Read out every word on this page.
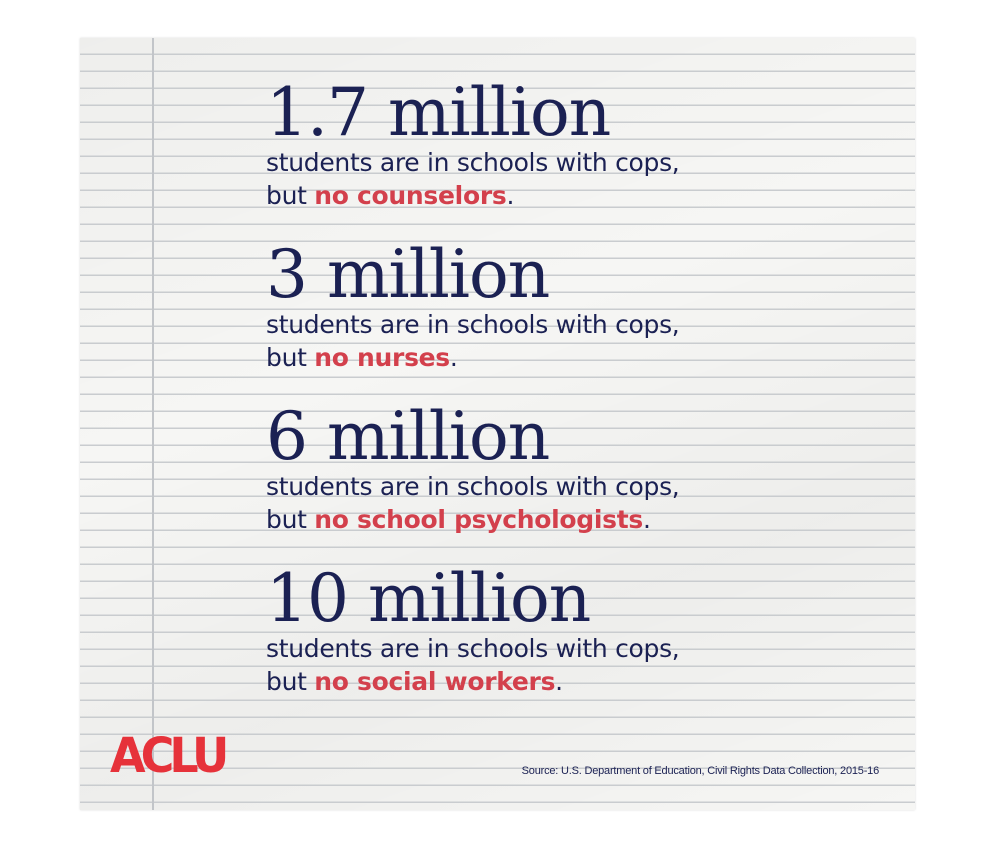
1.7 million
students are in schools with cops,
but no counselors.
3 million
students are in schools with cops,
but no nurses.
6 million
students are in schools with cops,
but no school psychologists.
10 million
students are in schools with cops,
but no social workers.
ACLU	Source: U.S. Department of Education, Civil Rights Data Collection, 2015-16
